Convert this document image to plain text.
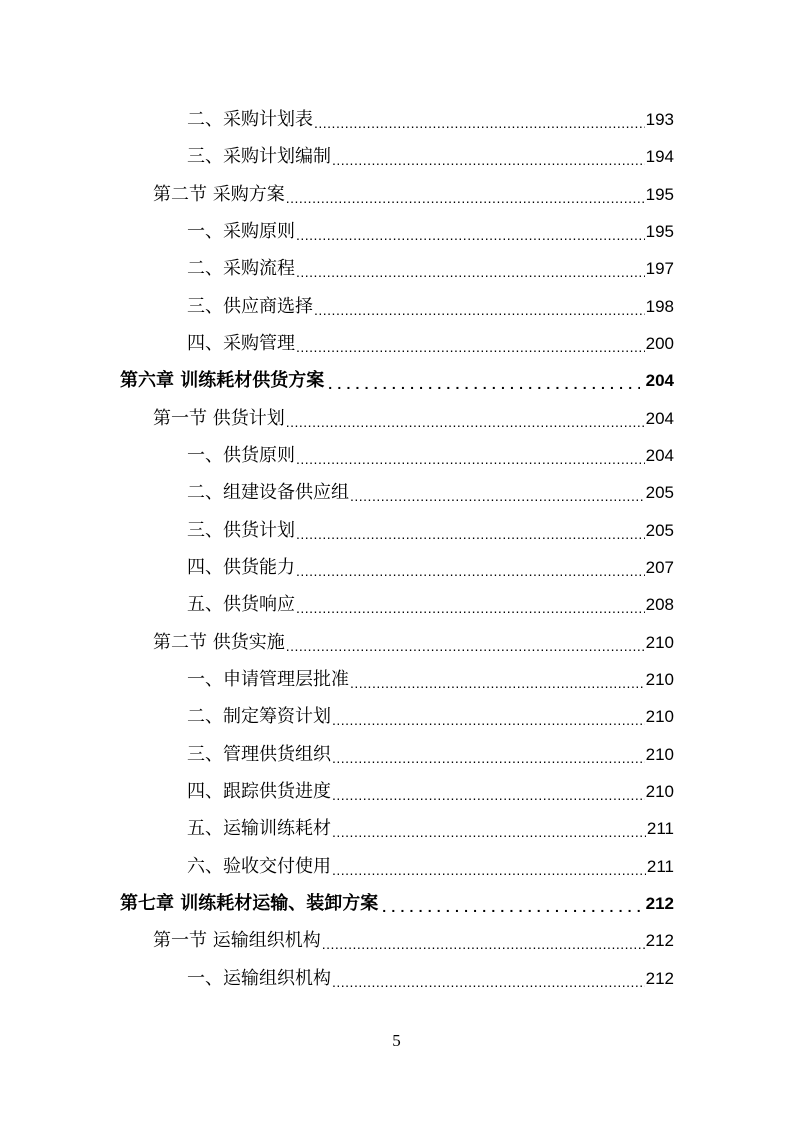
二、采购计划表 .....	193
三、采购计划编制 .....	194
第二节 采购方案 .....	195
一、采购原则 .....	195
二、采购流程 .....	197
三、供应商选择 .....	198
四、采购管理 .....	200
第六章 训练耗材供货方案 .....	204
第一节 供货计划 .....	204
一、供货原则 .....	204
二、组建设备供应组 .....	205
三、供货计划 .....	205
四、供货能力 .....	207
五、供货响应 .....	208
第二节 供货实施 .....	210
一、申请管理层批准 .....	210
二、制定筹资计划 .....	210
三、管理供货组织 .....	210
四、跟踪供货进度 .....	210
五、运输训练耗材 .....	211
六、验收交付使用 .....	211
第七章 训练耗材运输、装卸方案 .....	212
第一节 运输组织机构 .....	212
一、运输组织机构 .....	212
5
